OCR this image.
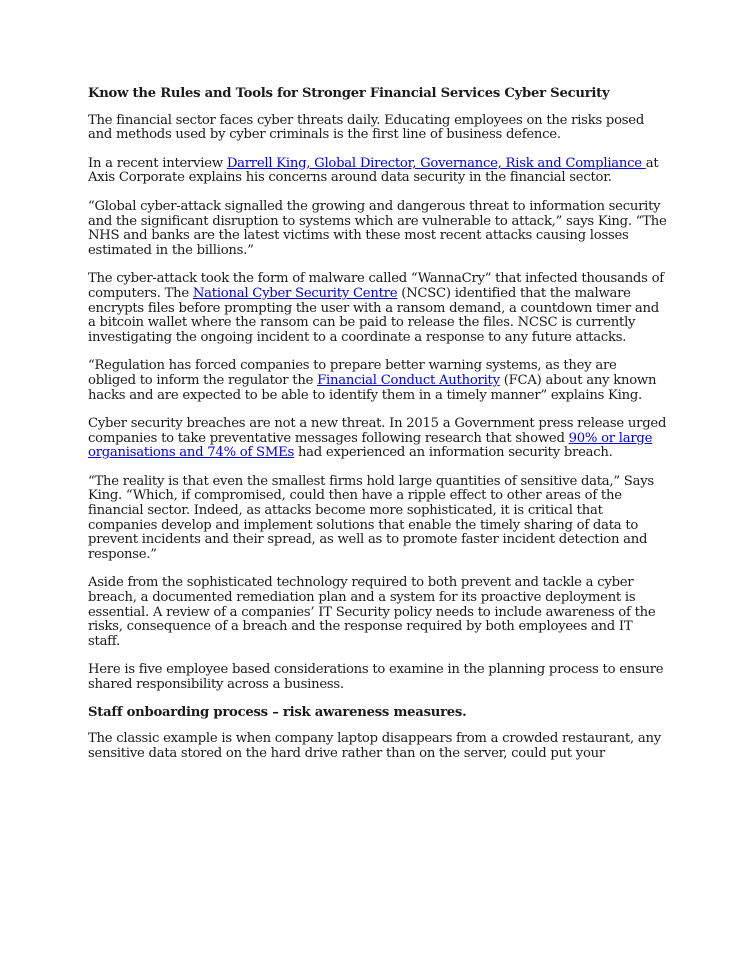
Know the Rules and Tools for Stronger Financial Services Cyber Security

The financial sector faces cyber threats daily. Educating employees on the risks posed and methods used by cyber criminals is the first line of business defence.

In a recent interview Darrell King, Global Director, Governance, Risk and Compliance at Axis Corporate explains his concerns around data security in the financial sector.

“Global cyber-attack signalled the growing and dangerous threat to information security and the significant disruption to systems which are vulnerable to attack,” says King. “The NHS and banks are the latest victims with these most recent attacks causing losses estimated in the billions.”

The cyber-attack took the form of malware called “WannaCry” that infected thousands of computers. The National Cyber Security Centre (NCSC) identified that the malware encrypts files before prompting the user with a ransom demand, a countdown timer and a bitcoin wallet where the ransom can be paid to release the files. NCSC is currently investigating the ongoing incident to a coordinate a response to any future attacks.

“Regulation has forced companies to prepare better warning systems, as they are obliged to inform the regulator the Financial Conduct Authority (FCA) about any known hacks and are expected to be able to identify them in a timely manner” explains King.

Cyber security breaches are not a new threat. In 2015 a Government press release urged companies to take preventative messages following research that showed 90% or large organisations and 74% of SMEs had experienced an information security breach.

“The reality is that even the smallest firms hold large quantities of sensitive data,” Says King. “Which, if compromised, could then have a ripple effect to other areas of the financial sector. Indeed, as attacks become more sophisticated, it is critical that companies develop and implement solutions that enable the timely sharing of data to prevent incidents and their spread, as well as to promote faster incident detection and response.”

Aside from the sophisticated technology required to both prevent and tackle a cyber breach, a documented remediation plan and a system for its proactive deployment is essential. A review of a companies’ IT Security policy needs to include awareness of the risks, consequence of a breach and the response required by both employees and IT staff.

Here is five employee based considerations to examine in the planning process to ensure shared responsibility across a business.

Staff onboarding process – risk awareness measures.

The classic example is when company laptop disappears from a crowded restaurant, any sensitive data stored on the hard drive rather than on the server, could put your
